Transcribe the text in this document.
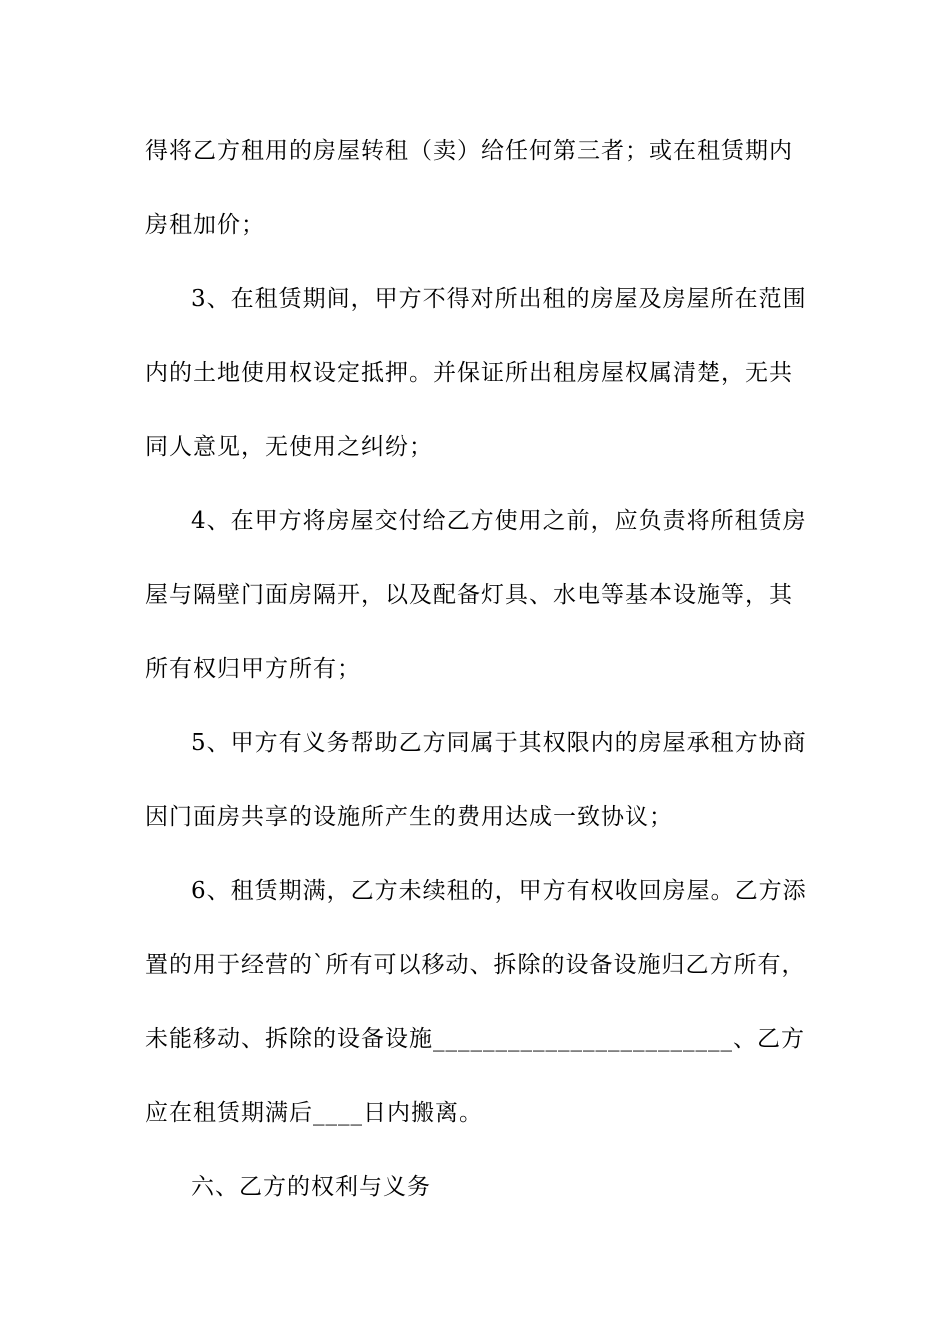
得将乙方租用的房屋转租（卖）给任何第三者；或在租赁期内
房租加价；
3、在租赁期间，甲方不得对所出租的房屋及房屋所在范围
内的土地使用权设定抵押。并保证所出租房屋权属清楚，无共
同人意见，无使用之纠纷；
4、在甲方将房屋交付给乙方使用之前，应负责将所租赁房
屋与隔壁门面房隔开，以及配备灯具、水电等基本设施等，其
所有权归甲方所有；
5、甲方有义务帮助乙方同属于其权限内的房屋承租方协商
因门面房共享的设施所产生的费用达成一致协议；
6、租赁期满，乙方未续租的，甲方有权收回房屋。乙方添
置的用于经营的`所有可以移动、拆除的设备设施归乙方所有，
未能移动、拆除的设备设施________________________、乙方
应在租赁期满后____日内搬离。
六、乙方的权利与义务
